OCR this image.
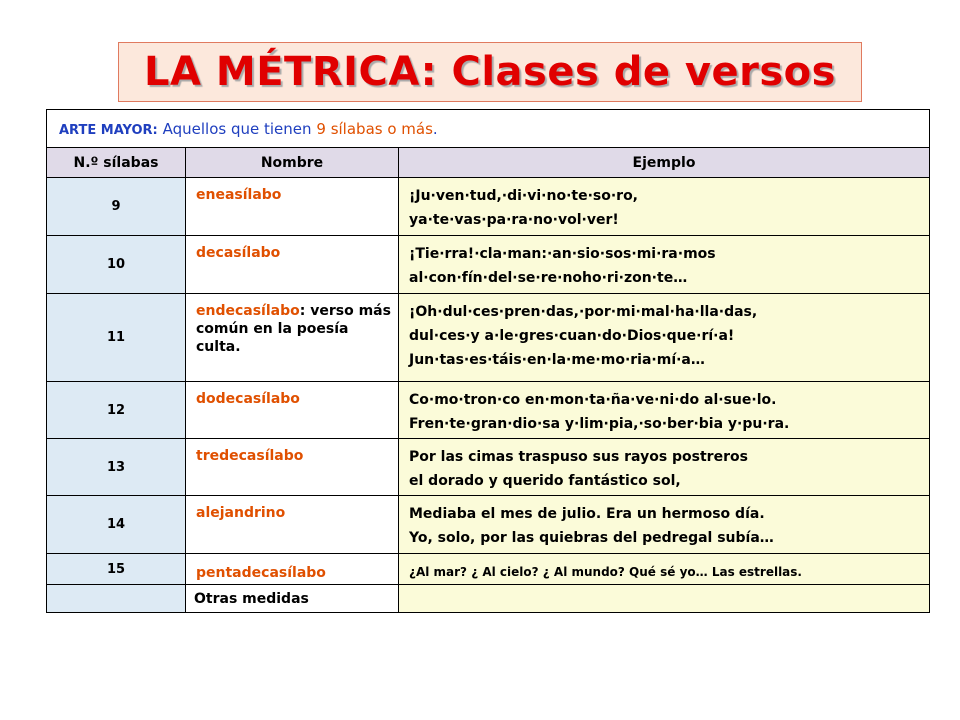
LA MÉTRICA: Clases de versos
ARTE MAYOR: Aquellos que tienen 9 sílabas o más.		
N.º sílabas	Nombre	Ejemplo
9	eneasílabo	¡Ju·ven·tud,·di·vi·no·te·so·ro,
ya·te·vas·pa·ra·no·vol·ver!

10	decasílabo	¡Tie·rra!·cla·man:·an·sio·sos·mi·ra·mos
al·con·fín·del·se·re·noho·ri·zon·te…

11	endecasílabo: verso más común en la poesía culta.	¡Oh·dul·ces·pren·das,·por·mi·mal·ha·lla·das,
dul·ces·y a·le·gres·cuan·do·Dios·que·rí·a!
Jun·tas·es·táis·en·la·me·mo·ria·mí·a…

12	dodecasílabo	Co·mo·tron·co en·mon·ta·ña·ve·ni·do al·sue·lo.
Fren·te·gran·dio·sa y·lim·pia,·so·ber·bia y·pu·ra.

13	tredecasílabo	Por las cimas traspuso sus rayos postreros
el dorado y querido fantástico sol,

14	alejandrino	Mediaba el mes de julio. Era un hermoso día.
Yo, solo, por las quiebras del pedregal subía…

15	pentadecasílabo	¿Al mar? ¿ Al cielo? ¿ Al mundo? Qué sé yo… Las estrellas.

	Otras medidas	
